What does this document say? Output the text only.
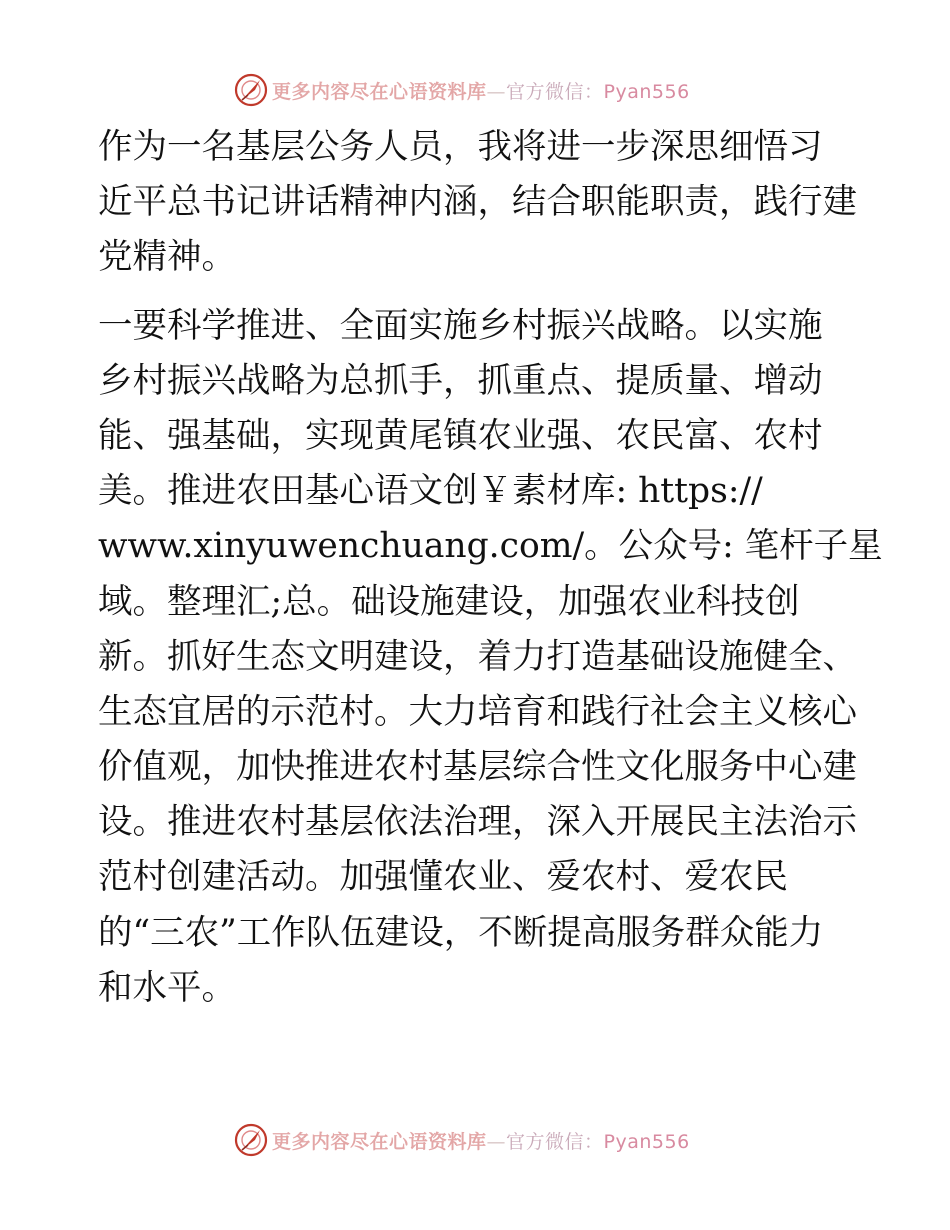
更多内容尽在心语资料库—官方微信：Pyan556
作为一名基层公务人员，我将进一步深思细悟习
近平总书记讲话精神内涵，结合职能职责，践行建
党精神。
一要科学推进、全面实施乡村振兴战略。以实施
乡村振兴战略为总抓手，抓重点、提质量、增动
能、强基础，实现黄尾镇农业强、农民富、农村
美。推进农田基心语文创￥素材库: https://
www.xinyuwenchuang.com/。公众号: 笔杆子星
域。整理汇;总。础设施建设，加强农业科技创
新。抓好生态文明建设，着力打造基础设施健全、
生态宜居的示范村。大力培育和践行社会主义核心
价值观，加快推进农村基层综合性文化服务中心建
设。推进农村基层依法治理，深入开展民主法治示
范村创建活动。加强懂农业、爱农村、爱农民
的“三农”工作队伍建设，不断提高服务群众能力
和水平。
更多内容尽在心语资料库—官方微信：Pyan556
